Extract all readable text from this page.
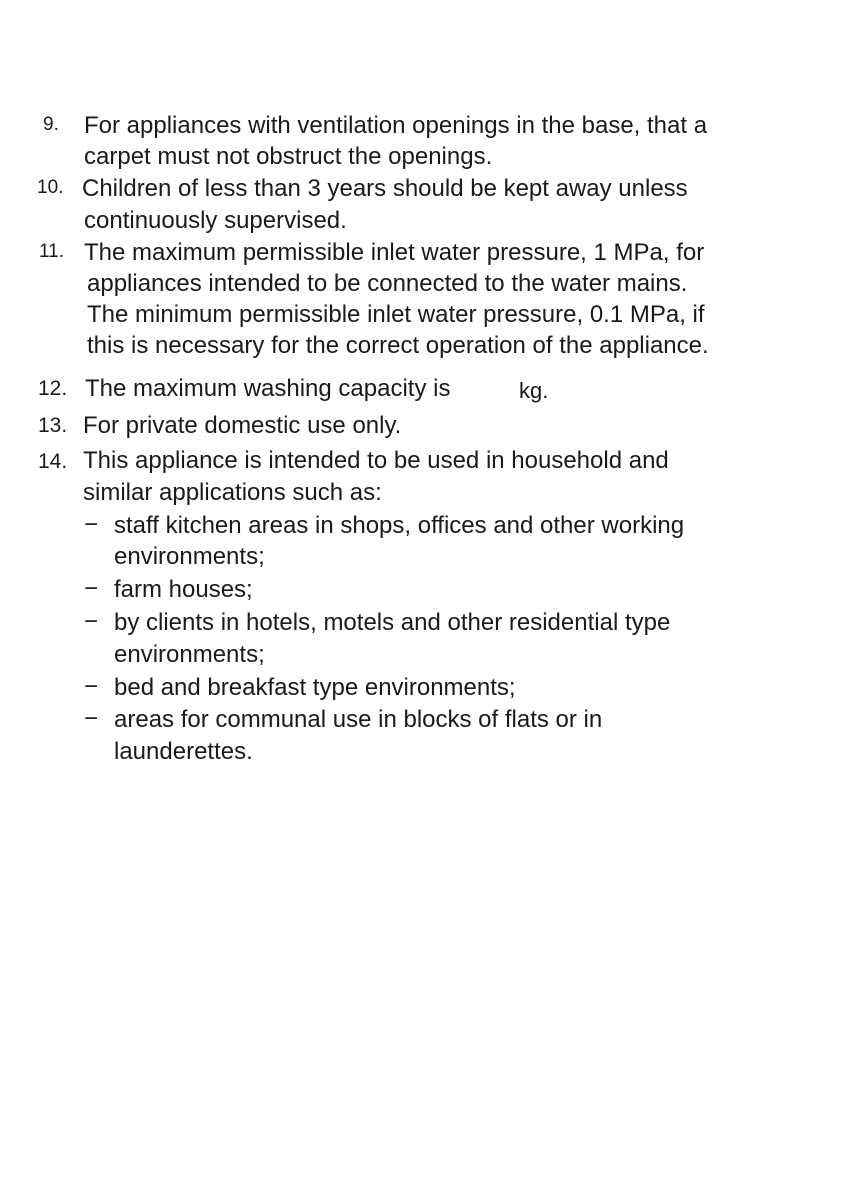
9. For appliances with ventilation openings in the base, that a
carpet must not obstruct the openings.
10. Children of less than 3 years should be kept away unless
continuously supervised.
11. The maximum permissible inlet water pressure, 1 MPa, for
appliances intended to be connected to the water mains.
The minimum permissible inlet water pressure, 0.1 MPa, if
this is necessary for the correct operation of the appliance.
12. The maximum washing capacity is	kg.
13. For private domestic use only.
14. This appliance is intended to be used in household and
similar applications such as:
− staff kitchen areas in shops, offices and other working
environments;
− farm houses;
− by clients in hotels, motels and other residential type
environments;
− bed and breakfast type environments;
− areas for communal use in blocks of flats or in
launderettes.
